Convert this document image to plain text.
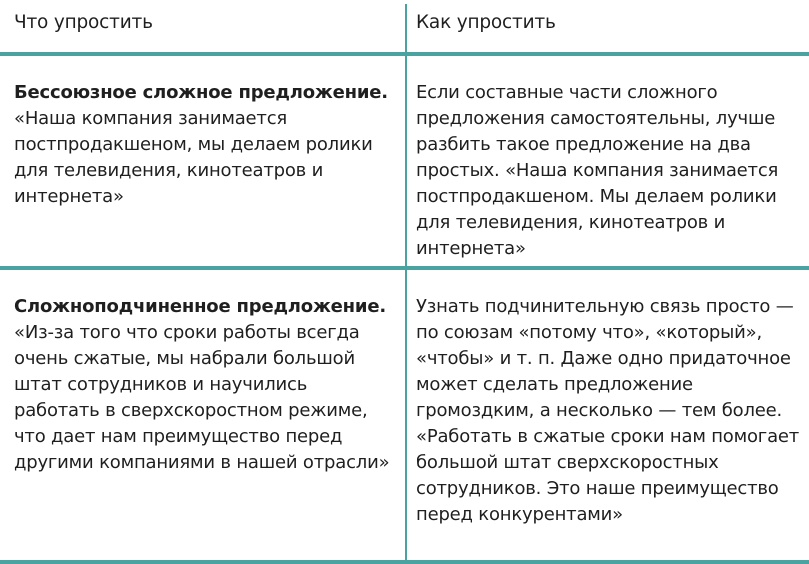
Что упростить	Как упростить
Бессоюзное сложное предложение.
«Наша компания занимается постпродакшеном, мы делаем ролики для телевидения, кинотеатров и интернета»
Если составные части сложного предложения самостоятельны, лучше разбить такое предложение на два простых. «Наша компания занимается постпродакшеном. Мы делаем ролики для телевидения, кинотеатров и интернета»
Сложноподчиненное предложение.
«Из-за того что сроки работы всегда очень сжатые, мы набрали большой штат сотрудников и научились работать в сверхскоростном режиме, что дает нам преимущество перед другими компаниями в нашей отрасли»
Узнать подчинительную связь просто — по союзам «потому что», «который», «чтобы» и т. п. Даже одно придаточное может сделать предложение громоздким, а несколько — тем более. «Работать в сжатые сроки нам помогает большой штат сверхскоростных сотрудников. Это наше преимущество перед конкурентами»
